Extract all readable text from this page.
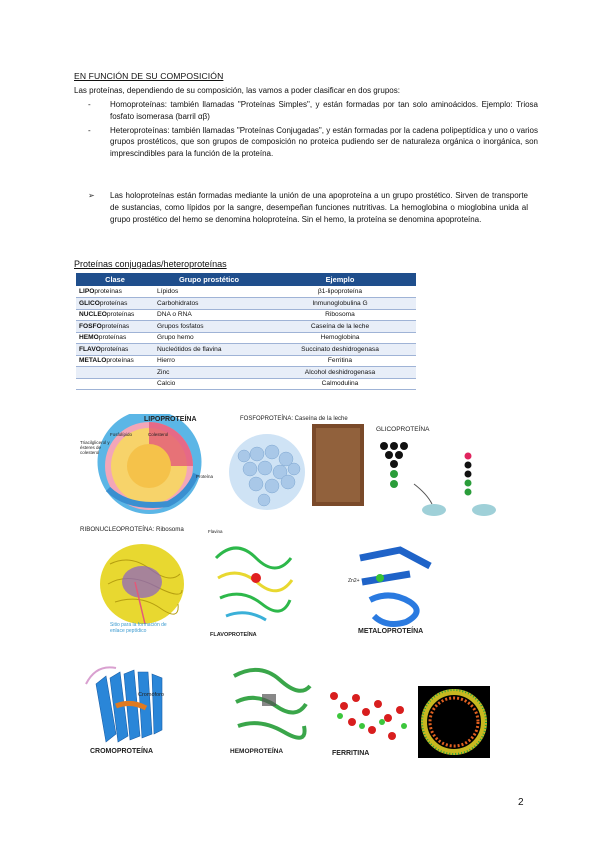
EN FUNCIÓN DE SU COMPOSICIÓN
Las proteínas, dependiendo de su composición, las vamos a poder clasificar en dos grupos:
-	Homoproteínas: también llamadas "Proteínas Simples", y están formadas por tan solo aminoácidos. Ejemplo: Triosa fosfato isomerasa (barril αβ)
-	Heteroproteínas: también llamadas "Proteínas Conjugadas", y están formadas por la cadena polipeptídica y uno o varios grupos prostéticos, que son grupos de composición no proteica pudiendo ser de naturaleza orgánica o inorgánica, son imprescindibles para la función de la proteína.
➢	Las holoproteínas están formadas mediante la unión de una apoproteína a un grupo prostético. Sirven de transporte de sustancias, como lípidos por la sangre, desempeñan funciones nutritivas. La hemoglobina o mioglobina unida al grupo prostético del hemo se denomina holoproteína. Sin el hemo, la proteína se denomina apoproteína.
Proteínas conjugadas/heteroproteínas
Clase	Grupo prostético	Ejemplo
LIPOproteínas	Lípidos	β1-lipoproteína
GLICOproteínas	Carbohidratos	Inmunoglobulina G
NUCLEOproteínas	DNA o RNA	Ribosoma
FOSFOproteínas	Grupos fosfatos	Caseína de la leche
HEMOproteínas	Grupo hemo	Hemoglobina
FLAVOproteínas	Nucleótidos de flavina	Succinato deshidrogenasa
METALOproteínas	Hierro	Ferritina
	Zinc	Alcohol deshidrogenasa
	Calcio	Calmodulina
LIPOPROTEÍNA
Fosfolípido	Colesterol
Triacilglicerol y ésteres de colesterol
Proteína
FOSFOPROTEÍNA: Caseína de la leche
GLICOPROTEÍNA
RIBONUCLEOPROTEÍNA: Ribosoma
Sitio para la formación de enlace peptídico
Flavina
FLAVOPROTEÍNA
Zn2+
METALOPROTEÍNA
Cromóforo
CROMOPROTEÍNA	HEMOPROTEÍNA	FERRITINA
2
